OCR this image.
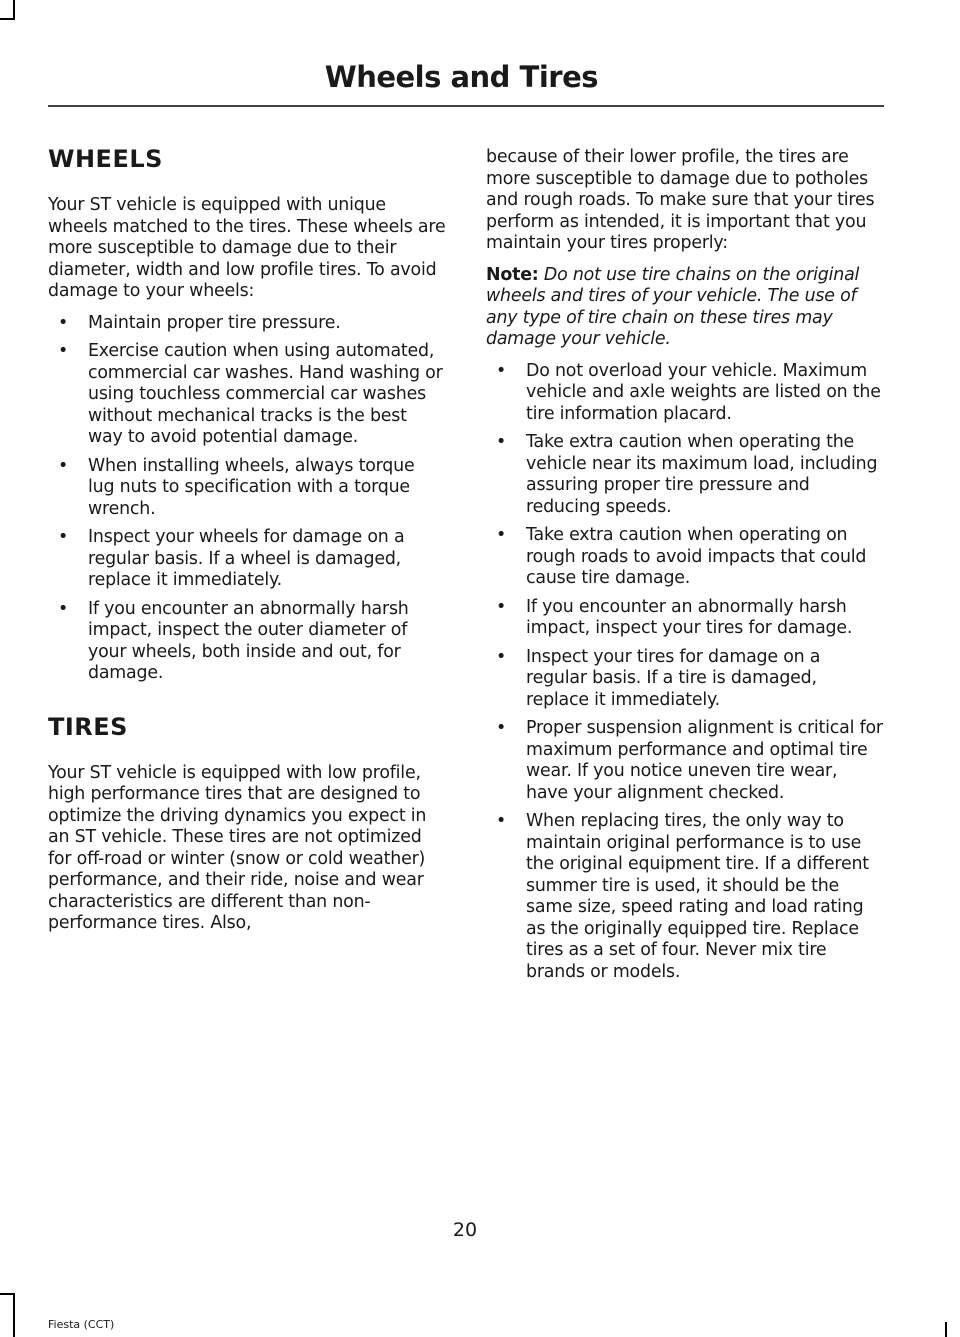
Wheels and Tires
WHEELS

Your ST vehicle is equipped with unique wheels matched to the tires. These wheels are more susceptible to damage due to their diameter, width and low profile tires. To avoid damage to your wheels:

• Maintain proper tire pressure.
• Exercise caution when using automated, commercial car washes. Hand washing or using touchless commercial car washes without mechanical tracks is the best way to avoid potential damage.
• When installing wheels, always torque lug nuts to specification with a torque wrench.
• Inspect your wheels for damage on a regular basis. If a wheel is damaged, replace it immediately.
• If you encounter an abnormally harsh impact, inspect the outer diameter of your wheels, both inside and out, for damage.
TIRES

Your ST vehicle is equipped with low profile, high performance tires that are designed to optimize the driving dynamics you expect in an ST vehicle. These tires are not optimized for off-road or winter (snow or cold weather) performance, and their ride, noise and wear characteristics are different than non-performance tires. Also,

because of their lower profile, the tires are more susceptible to damage due to potholes and rough roads. To make sure that your tires perform as intended, it is important that you maintain your tires properly:

Note: Do not use tire chains on the original wheels and tires of your vehicle. The use of any type of tire chain on these tires may damage your vehicle.

• Do not overload your vehicle. Maximum vehicle and axle weights are listed on the tire information placard.
• Take extra caution when operating the vehicle near its maximum load, including assuring proper tire pressure and reducing speeds.
• Take extra caution when operating on rough roads to avoid impacts that could cause tire damage.
• If you encounter an abnormally harsh impact, inspect your tires for damage.
• Inspect your tires for damage on a regular basis. If a tire is damaged, replace it immediately.
• Proper suspension alignment is critical for maximum performance and optimal tire wear. If you notice uneven tire wear, have your alignment checked.
• When replacing tires, the only way to maintain original performance is to use the original equipment tire. If a different summer tire is used, it should be the same size, speed rating and load rating as the originally equipped tire. Replace tires as a set of four. Never mix tire brands or models.
20
Fiesta (CCT)
